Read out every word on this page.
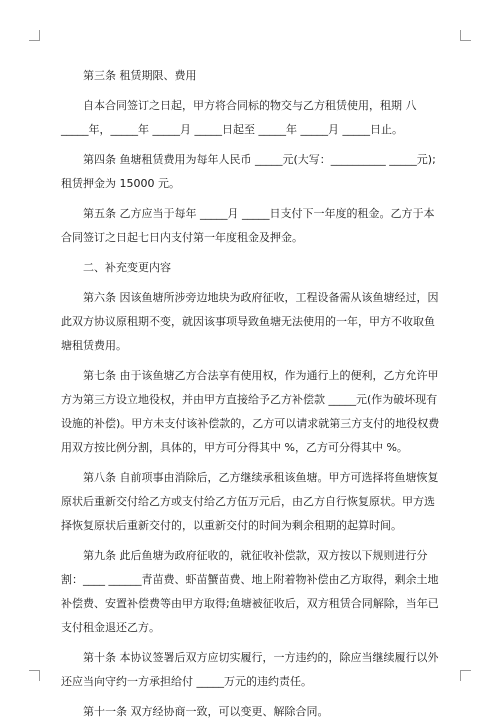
第三条 租赁期限、费用

自本合同签订之日起，甲方将合同标的物交与乙方租赁使用，租期 八_____年，_____年 _____月 _____日起至 _____年 _____月 _____日止。

第四条 鱼塘租赁费用为每年人民币 _____元(大写：__________ _____元);租赁押金为 15000 元。

第五条 乙方应当于每年 _____月 _____日支付下一年度的租金。乙方于本合同签订之日起七日内支付第一年度租金及押金。

二、补充变更内容

第六条 因该鱼塘所涉旁边地块为政府征收，工程设备需从该鱼塘经过，因此双方协议原租期不变，就因该事项导致鱼塘无法使用的一年，甲方不收取鱼塘租赁费用。

第七条 由于该鱼塘乙方合法享有使用权，作为通行上的便利，乙方允许甲方为第三方设立地役权，并由甲方直接给予乙方补偿款 _____元(作为破坏现有设施的补偿)。甲方未支付该补偿款的，乙方可以请求就第三方支付的地役权费用双方按比例分割，具体的，甲方可分得其中 %，乙方可分得其中 %。

第八条 自前项事由消除后，乙方继续承租该鱼塘。甲方可选择将鱼塘恢复原状后重新交付给乙方或支付给乙方伍万元后，由乙方自行恢复原状。甲方选择恢复原状后重新交付的，以重新交付的时间为剩余租期的起算时间。

第九条 此后鱼塘为政府征收的，就征收补偿款，双方按以下规则进行分割：____ ______青苗费、虾苗蟹苗费、地上附着物补偿由乙方取得，剩余土地补偿费、安置补偿费等由甲方取得;鱼塘被征收后，双方租赁合同解除，当年已支付租金退还乙方。

第十条 本协议签署后双方应切实履行，一方违约的，除应当继续履行以外还应当向守约一方承担给付 _____万元的违约责任。

第十一条 双方经协商一致，可以变更、解除合同。
